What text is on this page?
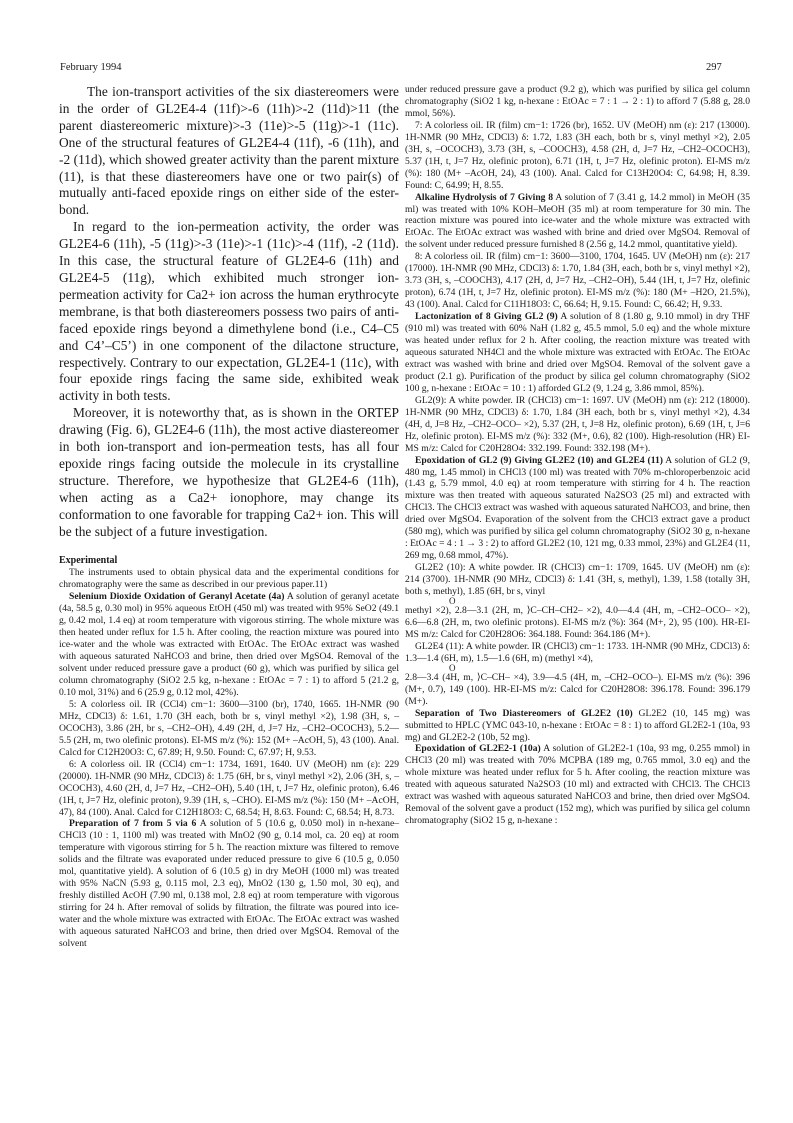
February 1994	297

The ion-transport activities of the six diastereomers were in the order of GL2E4-4 (11f)>-6 (11h)>-2 (11d)>11 (the parent diastereomeric mixture)>-3 (11e)>-5 (11g)>-1 (11c). One of the structural features of GL2E4-4 (11f), -6 (11h), and -2 (11d), which showed greater activity than the parent mixture (11), is that these diastereomers have one or two pair(s) of mutually anti-faced epoxide rings on either side of the ester-bond.

In regard to the ion-permeation activity, the order was GL2E4-6 (11h), -5 (11g)>-3 (11e)>-1 (11c)>-4 (11f), -2 (11d). In this case, the structural feature of GL2E4-6 (11h) and GL2E4-5 (11g), which exhibited much stronger ion-permeation activity for Ca2+ ion across the human erythrocyte membrane, is that both diastereomers possess two pairs of anti-faced epoxide rings beyond a dimethylene bond (i.e., C4–C5 and C4’–C5’) in one component of the dilactone structure, respectively. Contrary to our expectation, GL2E4-1 (11c), with four epoxide rings facing the same side, exhibited weak activity in both tests.

Moreover, it is noteworthy that, as is shown in the ORTEP drawing (Fig. 6), GL2E4-6 (11h), the most active diastereomer in both ion-transport and ion-permeation tests, has all four epoxide rings facing outside the molecule in its crystalline structure. Therefore, we hypothesize that GL2E4-6 (11h), when acting as a Ca2+ ionophore, may change its conformation to one favorable for trapping Ca2+ ion. This will be the subject of a future investigation.

Experimental

The instruments used to obtain physical data and the experimental conditions for chromatography were the same as described in our previous paper.11)

Selenium Dioxide Oxidation of Geranyl Acetate (4a) A solution of geranyl acetate (4a, 58.5 g, 0.30 mol) in 95% aqueous EtOH (450 ml) was treated with 95% SeO2 (49.1 g, 0.42 mol, 1.4 eq) at room temperature with vigorous stirring. The whole mixture was then heated under reflux for 1.5 h. After cooling, the reaction mixture was poured into ice-water and the whole was extracted with EtOAc. The EtOAc extract was washed with aqueous saturated NaHCO3 and brine, then dried over MgSO4. Removal of the solvent under reduced pressure gave a product (60 g), which was purified by silica gel column chromatography (SiO2 2.5 kg, n-hexane : EtOAc = 7 : 1) to afford 5 (21.2 g, 0.10 mol, 31%) and 6 (25.9 g, 0.12 mol, 42%).

5: A colorless oil. IR (CCl4) cm−1: 3600—3100 (br), 1740, 1665. 1H-NMR (90 MHz, CDCl3) δ: 1.61, 1.70 (3H each, both br s, vinyl methyl ×2), 1.98 (3H, s, –OCOCH3), 3.86 (2H, br s, –CH2–OH), 4.49 (2H, d, J=7 Hz, –CH2–OCOCH3), 5.2—5.5 (2H, m, two olefinic protons). EI-MS m/z (%): 152 (M+ –AcOH, 5), 43 (100). Anal. Calcd for C12H20O3: C, 67.89; H, 9.50. Found: C, 67.97; H, 9.53.

6: A colorless oil. IR (CCl4) cm−1: 1734, 1691, 1640. UV (MeOH) nm (ε): 229 (20000). 1H-NMR (90 MHz, CDCl3) δ: 1.75 (6H, br s, vinyl methyl ×2), 2.06 (3H, s, –OCOCH3), 4.60 (2H, d, J=7 Hz, –CH2–OH), 5.40 (1H, t, J=7 Hz, olefinic proton), 6.46 (1H, t, J=7 Hz, olefinic proton), 9.39 (1H, s, –CHO). EI-MS m/z (%): 150 (M+ –AcOH, 47), 84 (100). Anal. Calcd for C12H18O3: C, 68.54; H, 8.63. Found: C, 68.54; H, 8.73.

Preparation of 7 from 5 via 6 A solution of 5 (10.6 g, 0.050 mol) in n-hexane–CHCl3 (10 : 1, 1100 ml) was treated with MnO2 (90 g, 0.14 mol, ca. 20 eq) at room temperature with vigorous stirring for 5 h. The reaction mixture was filtered to remove solids and the filtrate was evaporated under reduced pressure to give 6 (10.5 g, 0.050 mol, quantitative yield). A solution of 6 (10.5 g) in dry MeOH (1000 ml) was treated with 95% NaCN (5.93 g, 0.115 mol, 2.3 eq), MnO2 (130 g, 1.50 mol, 30 eq), and freshly distilled AcOH (7.90 ml, 0.138 mol, 2.8 eq) at room temperature with vigorous stirring for 24 h. After removal of solids by filtration, the filtrate was poured into ice-water and the whole mixture was extracted with EtOAc. The EtOAc extract was washed with aqueous saturated NaHCO3 and brine, then dried over MgSO4. Removal of the solvent

under reduced pressure gave a product (9.2 g), which was purified by silica gel column chromatography (SiO2 1 kg, n-hexane : EtOAc = 7 : 1 → 2 : 1) to afford 7 (5.88 g, 28.0 mmol, 56%).

7: A colorless oil. IR (film) cm−1: 1726 (br), 1652. UV (MeOH) nm (ε): 217 (13000). 1H-NMR (90 MHz, CDCl3) δ: 1.72, 1.83 (3H each, both br s, vinyl methyl ×2), 2.05 (3H, s, –OCOCH3), 3.73 (3H, s, –COOCH3), 4.58 (2H, d, J=7 Hz, –CH2–OCOCH3), 5.37 (1H, t, J=7 Hz, olefinic proton), 6.71 (1H, t, J=7 Hz, olefinic proton). EI-MS m/z (%): 180 (M+ –AcOH, 24), 43 (100). Anal. Calcd for C13H20O4: C, 64.98; H, 8.39. Found: C, 64.99; H, 8.55.

Alkaline Hydrolysis of 7 Giving 8 A solution of 7 (3.41 g, 14.2 mmol) in MeOH (35 ml) was treated with 10% KOH–MeOH (35 ml) at room temperature for 30 min. The reaction mixture was poured into ice-water and the whole mixture was extracted with EtOAc. The EtOAc extract was washed with brine and dried over MgSO4. Removal of the solvent under reduced pressure furnished 8 (2.56 g, 14.2 mmol, quantitative yield).

8: A colorless oil. IR (film) cm−1: 3600—3100, 1704, 1645. UV (MeOH) nm (ε): 217 (17000). 1H-NMR (90 MHz, CDCl3) δ: 1.70, 1.84 (3H, each, both br s, vinyl methyl ×2), 3.73 (3H, s, –COOCH3), 4.17 (2H, d, J=7 Hz, –CH2–OH), 5.44 (1H, t, J=7 Hz, olefinic proton), 6.74 (1H, t, J=7 Hz, olefinic proton). EI-MS m/z (%): 180 (M+ –H2O, 21.5%), 43 (100). Anal. Calcd for C11H18O3: C, 66.64; H, 9.15. Found: C, 66.42; H, 9.33.

Lactonization of 8 Giving GL2 (9) A solution of 8 (1.80 g, 9.10 mmol) in dry THF (910 ml) was treated with 60% NaH (1.82 g, 45.5 mmol, 5.0 eq) and the whole mixture was heated under reflux for 2 h. After cooling, the reaction mixture was treated with aqueous saturated NH4Cl and the whole mixture was extracted with EtOAc. The EtOAc extract was washed with brine and dried over MgSO4. Removal of the solvent gave a product (2.1 g). Purification of the product by silica gel column chromatography (SiO2 100 g, n-hexane : EtOAc = 10 : 1) afforded GL2 (9, 1.24 g, 3.86 mmol, 85%).

GL2(9): A white powder. IR (CHCl3) cm−1: 1697. UV (MeOH) nm (ε): 212 (18000). 1H-NMR (90 MHz, CDCl3) δ: 1.70, 1.84 (3H each, both br s, vinyl methyl ×2), 4.34 (4H, d, J=8 Hz, –CH2–OCO– ×2), 5.37 (2H, t, J=8 Hz, olefinic proton), 6.69 (1H, t, J=6 Hz, olefinic proton). EI-MS m/z (%): 332 (M+, 0.6), 82 (100). High-resolution (HR) EI-MS m/z: Calcd for C20H28O4: 332.199. Found: 332.198 (M+).

Epoxidation of GL2 (9) Giving GL2E2 (10) and GL2E4 (11) A solution of GL2 (9, 480 mg, 1.45 mmol) in CHCl3 (100 ml) was treated with 70% m-chloroperbenzoic acid (1.43 g, 5.79 mmol, 4.0 eq) at room temperature with stirring for 4 h. The reaction mixture was then treated with aqueous saturated Na2SO3 (25 ml) and extracted with CHCl3. The CHCl3 extract was washed with aqueous saturated NaHCO3, and brine, then dried over MgSO4. Evaporation of the solvent from the CHCl3 extract gave a product (580 mg), which was purified by silica gel column chromatography (SiO2 30 g, n-hexane : EtOAc = 4 : 1 → 3 : 2) to afford GL2E2 (10, 121 mg, 0.33 mmol, 23%) and GL2E4 (11, 269 mg, 0.68 mmol, 47%).

GL2E2 (10): A white powder. IR (CHCl3) cm−1: 1709, 1645. UV (MeOH) nm (ε): 214 (3700). 1H-NMR (90 MHz, CDCl3) δ: 1.41 (3H, s, methyl), 1.39, 1.58 (totally 3H, both s, methyl), 1.85 (6H, br s, vinyl

O

methyl ×2), 2.8—3.1 (2H, m, ⟩C–CH–CH2– ×2), 4.0—4.4 (4H, m, –CH2–OCO– ×2), 6.6—6.8 (2H, m, two olefinic protons). EI-MS m/z (%): 364 (M+, 2), 95 (100). HR-EI-MS m/z: Calcd for C20H28O6: 364.188. Found: 364.186 (M+).

GL2E4 (11): A white powder. IR (CHCl3) cm−1: 1733. 1H-NMR (90 MHz, CDCl3) δ: 1.3—1.4 (6H, m), 1.5—1.6 (6H, m) (methyl ×4),

O

2.8—3.4 (4H, m, ⟩C–CH– ×4), 3.9—4.5 (4H, m, –CH2–OCO–). EI-MS m/z (%): 396 (M+, 0.7), 149 (100). HR-EI-MS m/z: Calcd for C20H28O8: 396.178. Found: 396.179 (M+).

Separation of Two Diastereomers of GL2E2 (10) GL2E2 (10, 145 mg) was submitted to HPLC (YMC 043-10, n-hexane : EtOAc = 8 : 1) to afford GL2E2-1 (10a, 93 mg) and GL2E2-2 (10b, 52 mg).

Epoxidation of GL2E2-1 (10a) A solution of GL2E2-1 (10a, 93 mg, 0.255 mmol) in CHCl3 (20 ml) was treated with 70% MCPBA (189 mg, 0.765 mmol, 3.0 eq) and the whole mixture was heated under reflux for 5 h. After cooling, the reaction mixture was treated with aqueous saturated Na2SO3 (10 ml) and extracted with CHCl3. The CHCl3 extract was washed with aqueous saturated NaHCO3 and brine, then dried over MgSO4. Removal of the solvent gave a product (152 mg), which was purified by silica gel column chromatography (SiO2 15 g, n-hexane :
